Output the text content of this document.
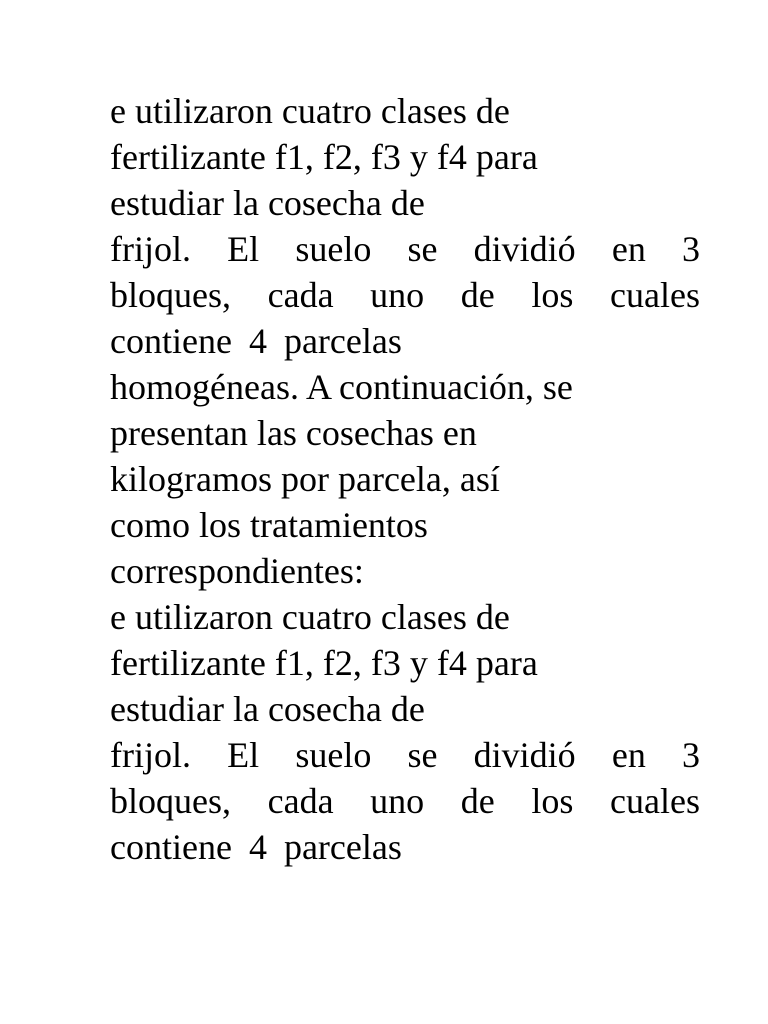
e utilizaron cuatro clases de
fertilizante f1, f2, f3 y f4 para
estudiar la cosecha de
frijol. El suelo se dividió en 3
bloques, cada uno de los cuales
contiene 4 parcelas
homogéneas. A continuación, se
presentan las cosechas en
kilogramos por parcela, así
como los tratamientos
correspondientes:
e utilizaron cuatro clases de
fertilizante f1, f2, f3 y f4 para
estudiar la cosecha de
frijol. El suelo se dividió en 3
bloques, cada uno de los cuales
contiene 4 parcelas
